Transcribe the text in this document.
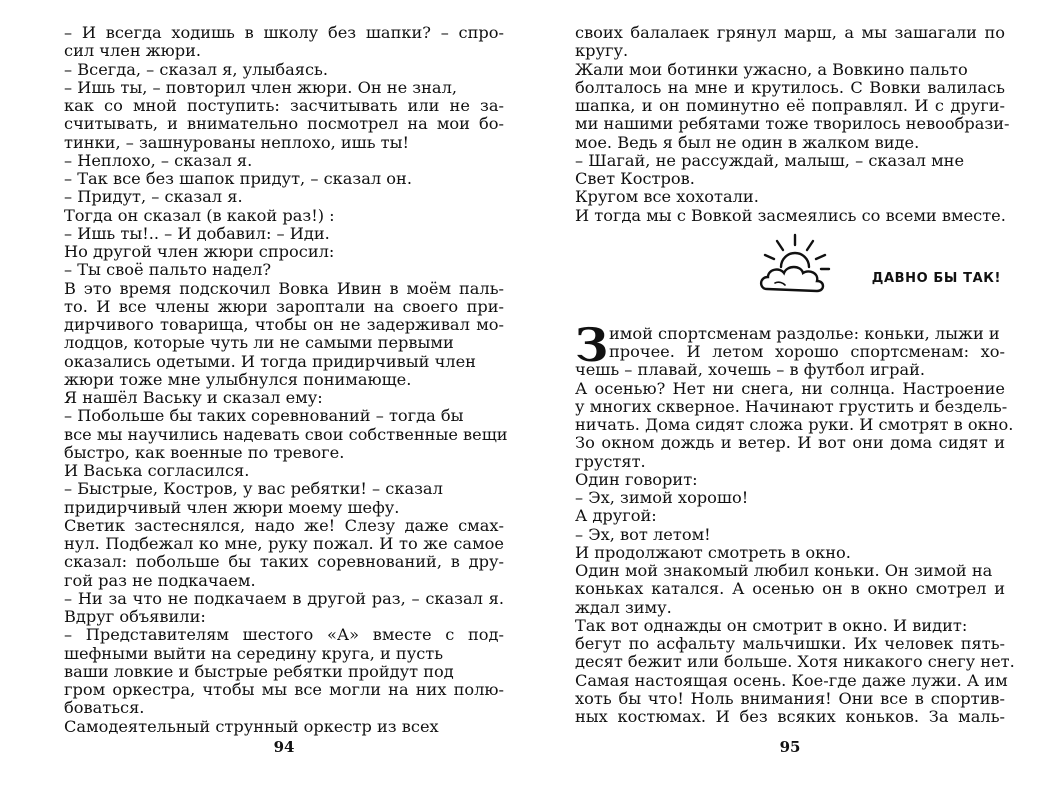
– И всегда ходишь в школу без шапки? – спро-
сил член жюри.
– Всегда, – сказал я, улыбаясь.
– Ишь ты, – повторил член жюри. Он не знал,
как со мной поступить: засчитывать или не за-
считывать, и внимательно посмотрел на мои бо-
тинки, – зашнурованы неплохо, ишь ты!
– Неплохо, – сказал я.
– Так все без шапок придут, – сказал он.
– Придут, – сказал я.
Тогда он сказал (в какой раз!) :
– Ишь ты!.. – И добавил: – Иди.
Но другой член жюри спросил:
– Ты своё пальто надел?
В это время подскочил Вовка Ивин в моём паль-
то. И все члены жюри зароптали на своего при-
дирчивого товарища, чтобы он не задерживал мо-
лодцов, которые чуть ли не самыми первыми
оказались одетыми. И тогда придирчивый член
жюри тоже мне улыбнулся понимающе.
Я нашёл Ваську и сказал ему:
– Побольше бы таких соревнований – тогда бы
все мы научились надевать свои собственные вещи
быстро, как военные по тревоге.
И Васька согласился.
– Быстрые, Костров, у вас ребятки! – сказал
придирчивый член жюри моему шефу.
Светик застеснялся, надо же! Слезу даже смах-
нул. Подбежал ко мне, руку пожал. И то же самое
сказал: побольше бы таких соревнований, в дру-
гой раз не подкачаем.
– Ни за что не подкачаем в другой раз, – сказал я.
Вдруг объявили:
– Представителям шестого «А» вместе с под-
шефными выйти на середину круга, и пусть
ваши ловкие и быстрые ребятки пройдут под
гром оркестра, чтобы мы все могли на них полю-
боваться.
Самодеятельный струнный оркестр из всех
94
своих балалаек грянул марш, а мы зашагали по
кругу.
Жали мои ботинки ужасно, а Вовкино пальто
болталось на мне и крутилось. С Вовки валилась
шапка, и он поминутно её поправлял. И с други-
ми нашими ребятами тоже творилось невообрази-
мое. Ведь я был не один в жалком виде.
– Шагай, не рассуждай, малыш, – сказал мне
Свет Костров.
Кругом все хохотали.
И тогда мы с Вовкой засмеялись со всеми вместе.
ДАВНО БЫ ТАК!
З имой спортсменам раздолье: коньки, лыжи и
прочее. И летом хорошо спортсменам: хо-
чешь – плавай, хочешь – в футбол играй.
А осенью? Нет ни снега, ни солнца. Настроение
у многих скверное. Начинают грустить и бездель-
ничать. Дома сидят сложа руки. И смотрят в окно.
Зо окном дождь и ветер. И вот они дома сидят и
грустят.
Один говорит:
– Эх, зимой хорошо!
А другой:
– Эх, вот летом!
И продолжают смотреть в окно.
Один мой знакомый любил коньки. Он зимой на
коньках катался. А осенью он в окно смотрел и
ждал зиму.
Так вот однажды он смотрит в окно. И видит:
бегут по асфальту мальчишки. Их человек пять-
десят бежит или больше. Хотя никакого снегу нет.
Самая настоящая осень. Кое-где даже лужи. А им
хоть бы что! Ноль внимания! Они все в спортив-
ных костюмах. И без всяких коньков. За маль-
95
